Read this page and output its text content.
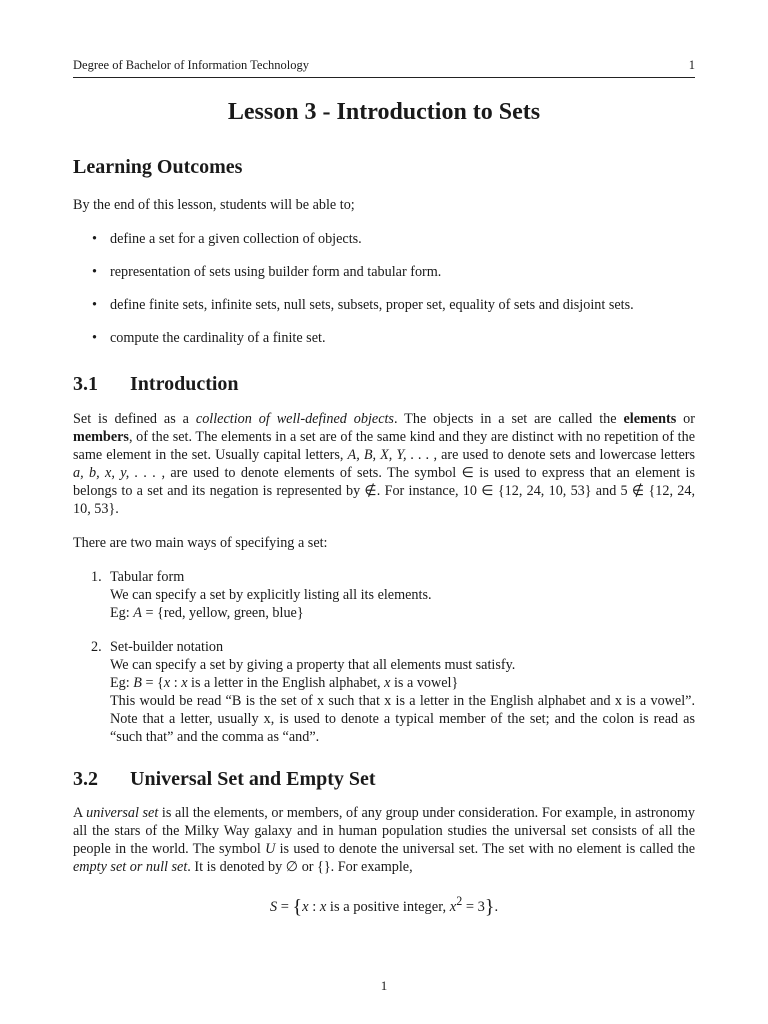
Degree of Bachelor of Information Technology	1
Lesson 3 - Introduction to Sets
Learning Outcomes

By the end of this lesson, students will be able to;

• define a set for a given collection of objects.
• representation of sets using builder form and tabular form.
• define finite sets, infinite sets, null sets, subsets, proper set, equality of sets and disjoint sets.
• compute the cardinality of a finite set.
3.1 Introduction

Set is defined as a collection of well-defined objects. The objects in a set are called the elements or members, of the set. The elements in a set are of the same kind and they are distinct with no repetition of the same element in the set. Usually capital letters, A, B, X, Y, . . . , are used to denote sets and lowercase letters a, b, x, y, . . . , are used to denote elements of sets. The symbol ∈ is used to express that an element is belongs to a set and its negation is represented by ∉. For instance, 10 ∈ {12, 24, 10, 53} and 5 ∉ {12, 24, 10, 53}.

There are two main ways of specifying a set:

1. Tabular form
We can specify a set by explicitly listing all its elements.
Eg: A = {red, yellow, green, blue}
2. Set-builder notation
We can specify a set by giving a property that all elements must satisfy.
Eg: B = {x : x is a letter in the English alphabet, x is a vowel}
This would be read “B is the set of x such that x is a letter in the English alphabet and x is a vowel”. Note that a letter, usually x, is used to denote a typical member of the set; and the colon is read as “such that” and the comma as “and”.
3.2 Universal Set and Empty Set

A universal set is all the elements, or members, of any group under consideration. For example, in astronomy all the stars of the Milky Way galaxy and in human population studies the universal set consists of all the people in the world. The symbol U is used to denote the universal set. The set with no element is called the empty set or null set. It is denoted by ∅ or {}. For example,

S = {x : x is a positive integer, $x^2 = 3$}.
1
